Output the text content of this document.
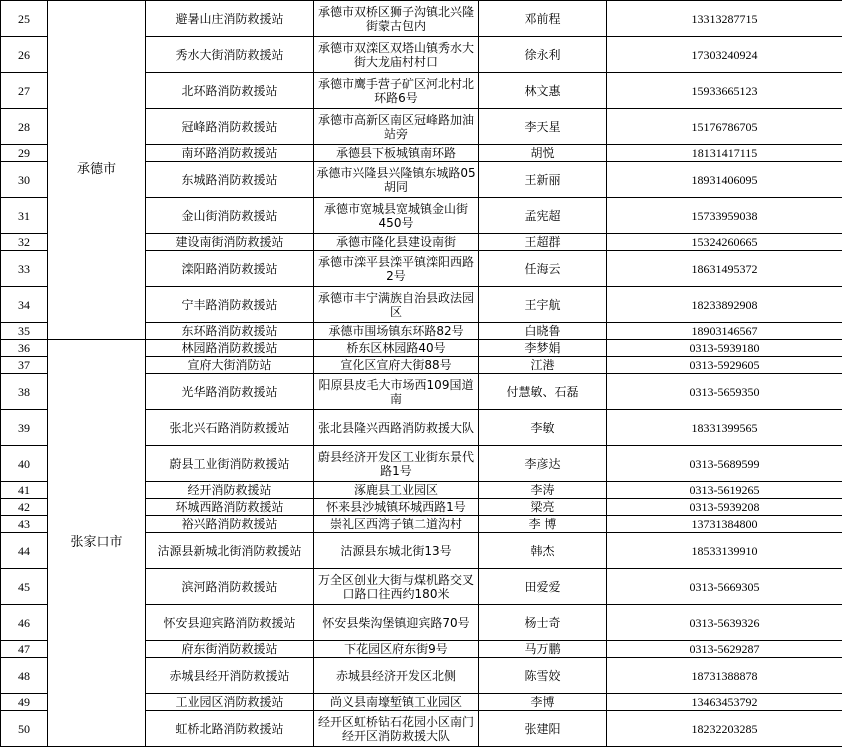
25	承德市	避暑山庄消防救援站	承德市双桥区狮子沟镇北兴隆街蒙古包内	邓前程	13313287715
26		秀水大街消防救援站	承德市双滦区双塔山镇秀水大街大龙庙村村口	徐永利	17303240924
27		北环路消防救援站	承德市鹰手营子矿区河北村北环路6号	林文惠	15933665123
28		冠峰路消防救援站	承德市高新区南区冠峰路加油站旁	李天星	15176786705
29		南环路消防救援站	承德县下板城镇南环路	胡悦	18131417115
30		东城路消防救援站	承德市兴隆县兴隆镇东城路05胡同	王新丽	18931406095
31		金山街消防救援站	承德市宽城县宽城镇金山街450号	孟宪超	15733959038
32		建设南街消防救援站	承德市隆化县建设南街	王超群	15324260665
33		滦阳路消防救援站	承德市滦平县滦平镇滦阳西路2号	任海云	18631495372
34		宁丰路消防救援站	承德市丰宁满族自治县政法园区	王宇航	18233892908
35		东环路消防救援站	承德市围场镇东环路82号	白晓鲁	18903146567
36	张家口市	林园路消防救援站	桥东区林园路40号	李梦娟	0313-5939180
37		宣府大街消防站	宣化区宣府大街88号	江港	0313-5929605
38		光华路消防救援站	阳原县皮毛大市场西109国道南	付慧敏、石磊	0313-5659350
39		张北兴石路消防救援站	张北县隆兴西路消防救援大队	李敏	18331399565
40		蔚县工业街消防救援站	蔚县经济开发区工业街东景代路1号	李彦达	0313-5689599
41		经开消防救援站	涿鹿县工业园区	李涛	0313-5619265
42		环城西路消防救援站	怀来县沙城镇环城西路1号	梁亮	0313-5939208
43		裕兴路消防救援站	崇礼区西湾子镇二道沟村	李 博	13731384800
44		沽源县新城北街消防救援站	沽源县东城北街13号	韩杰	18533139910
45		滨河路消防救援站	万全区创业大街与煤机路交叉口路口往西约180米	田爱爱	0313-5669305
46		怀安县迎宾路消防救援站	怀安县柴沟堡镇迎宾路70号	杨士奇	0313-5639326
47		府东街消防救援站	下花园区府东街9号	马万鹏	0313-5629287
48		赤城县经开消防救援站	赤城县经济开发区北侧	陈雪姣	18731388878
49		工业园区消防救援站	尚义县南壕堑镇工业园区	李博	13463453792
50		虹桥北路消防救援站	经开区虹桥钻石花园小区南门经开区消防救援大队	张建阳	18232203285
